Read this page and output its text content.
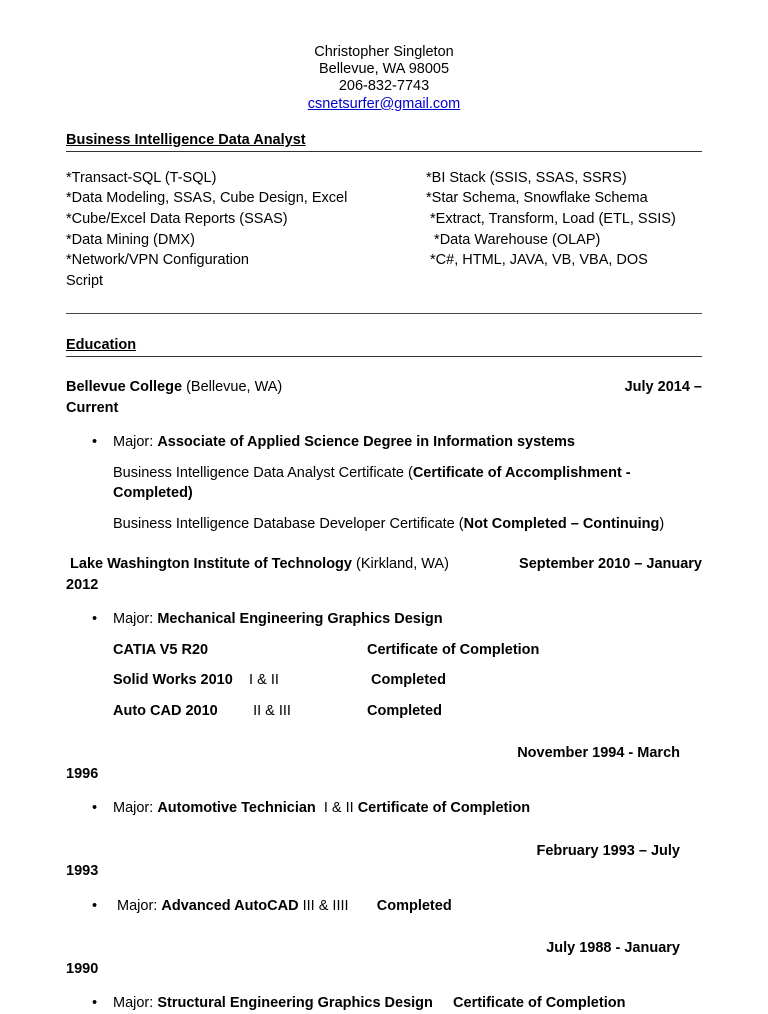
Christopher Singleton
Bellevue, WA 98005
206-832-7743
csnetsurfer@gmail.com
Business Intelligence Data Analyst
*Transact-SQL (T-SQL)
*Data Modeling, SSAS, Cube Design, Excel
*Cube/Excel Data Reports (SSAS)
*Data Mining (DMX)
*Network/VPN Configuration
Script
*BI Stack (SSIS, SSAS, SSRS)
*Star Schema, Snowflake Schema
*Extract, Transform, Load (ETL, SSIS)
*Data Warehouse (OLAP)
*C#, HTML, JAVA, VB, VBA, DOS
Education
Bellevue College (Bellevue, WA)	July 2014 –
Current
• Major: Associate of Applied Science Degree in Information systems
Business Intelligence Data Analyst Certificate (Certificate of Accomplishment - Completed)
Business Intelligence Database Developer Certificate (Not Completed – Continuing)
Lake Washington Institute of Technology (Kirkland, WA)	September 2010 – January
2012
• Major: Mechanical Engineering Graphics Design
CATIA V5 R20	Certificate of Completion
Solid Works 2010 I & II	Completed
Auto CAD 2010	II & III	Completed
November 1994 - March
1996
• Major: Automotive Technician  I & II Certificate of Completion
February 1993 – July
1993
• Major: Advanced AutoCAD III & IIII       Completed
July 1988 - January
1990
• Major: Structural Engineering Graphics Design Certificate of Completion
